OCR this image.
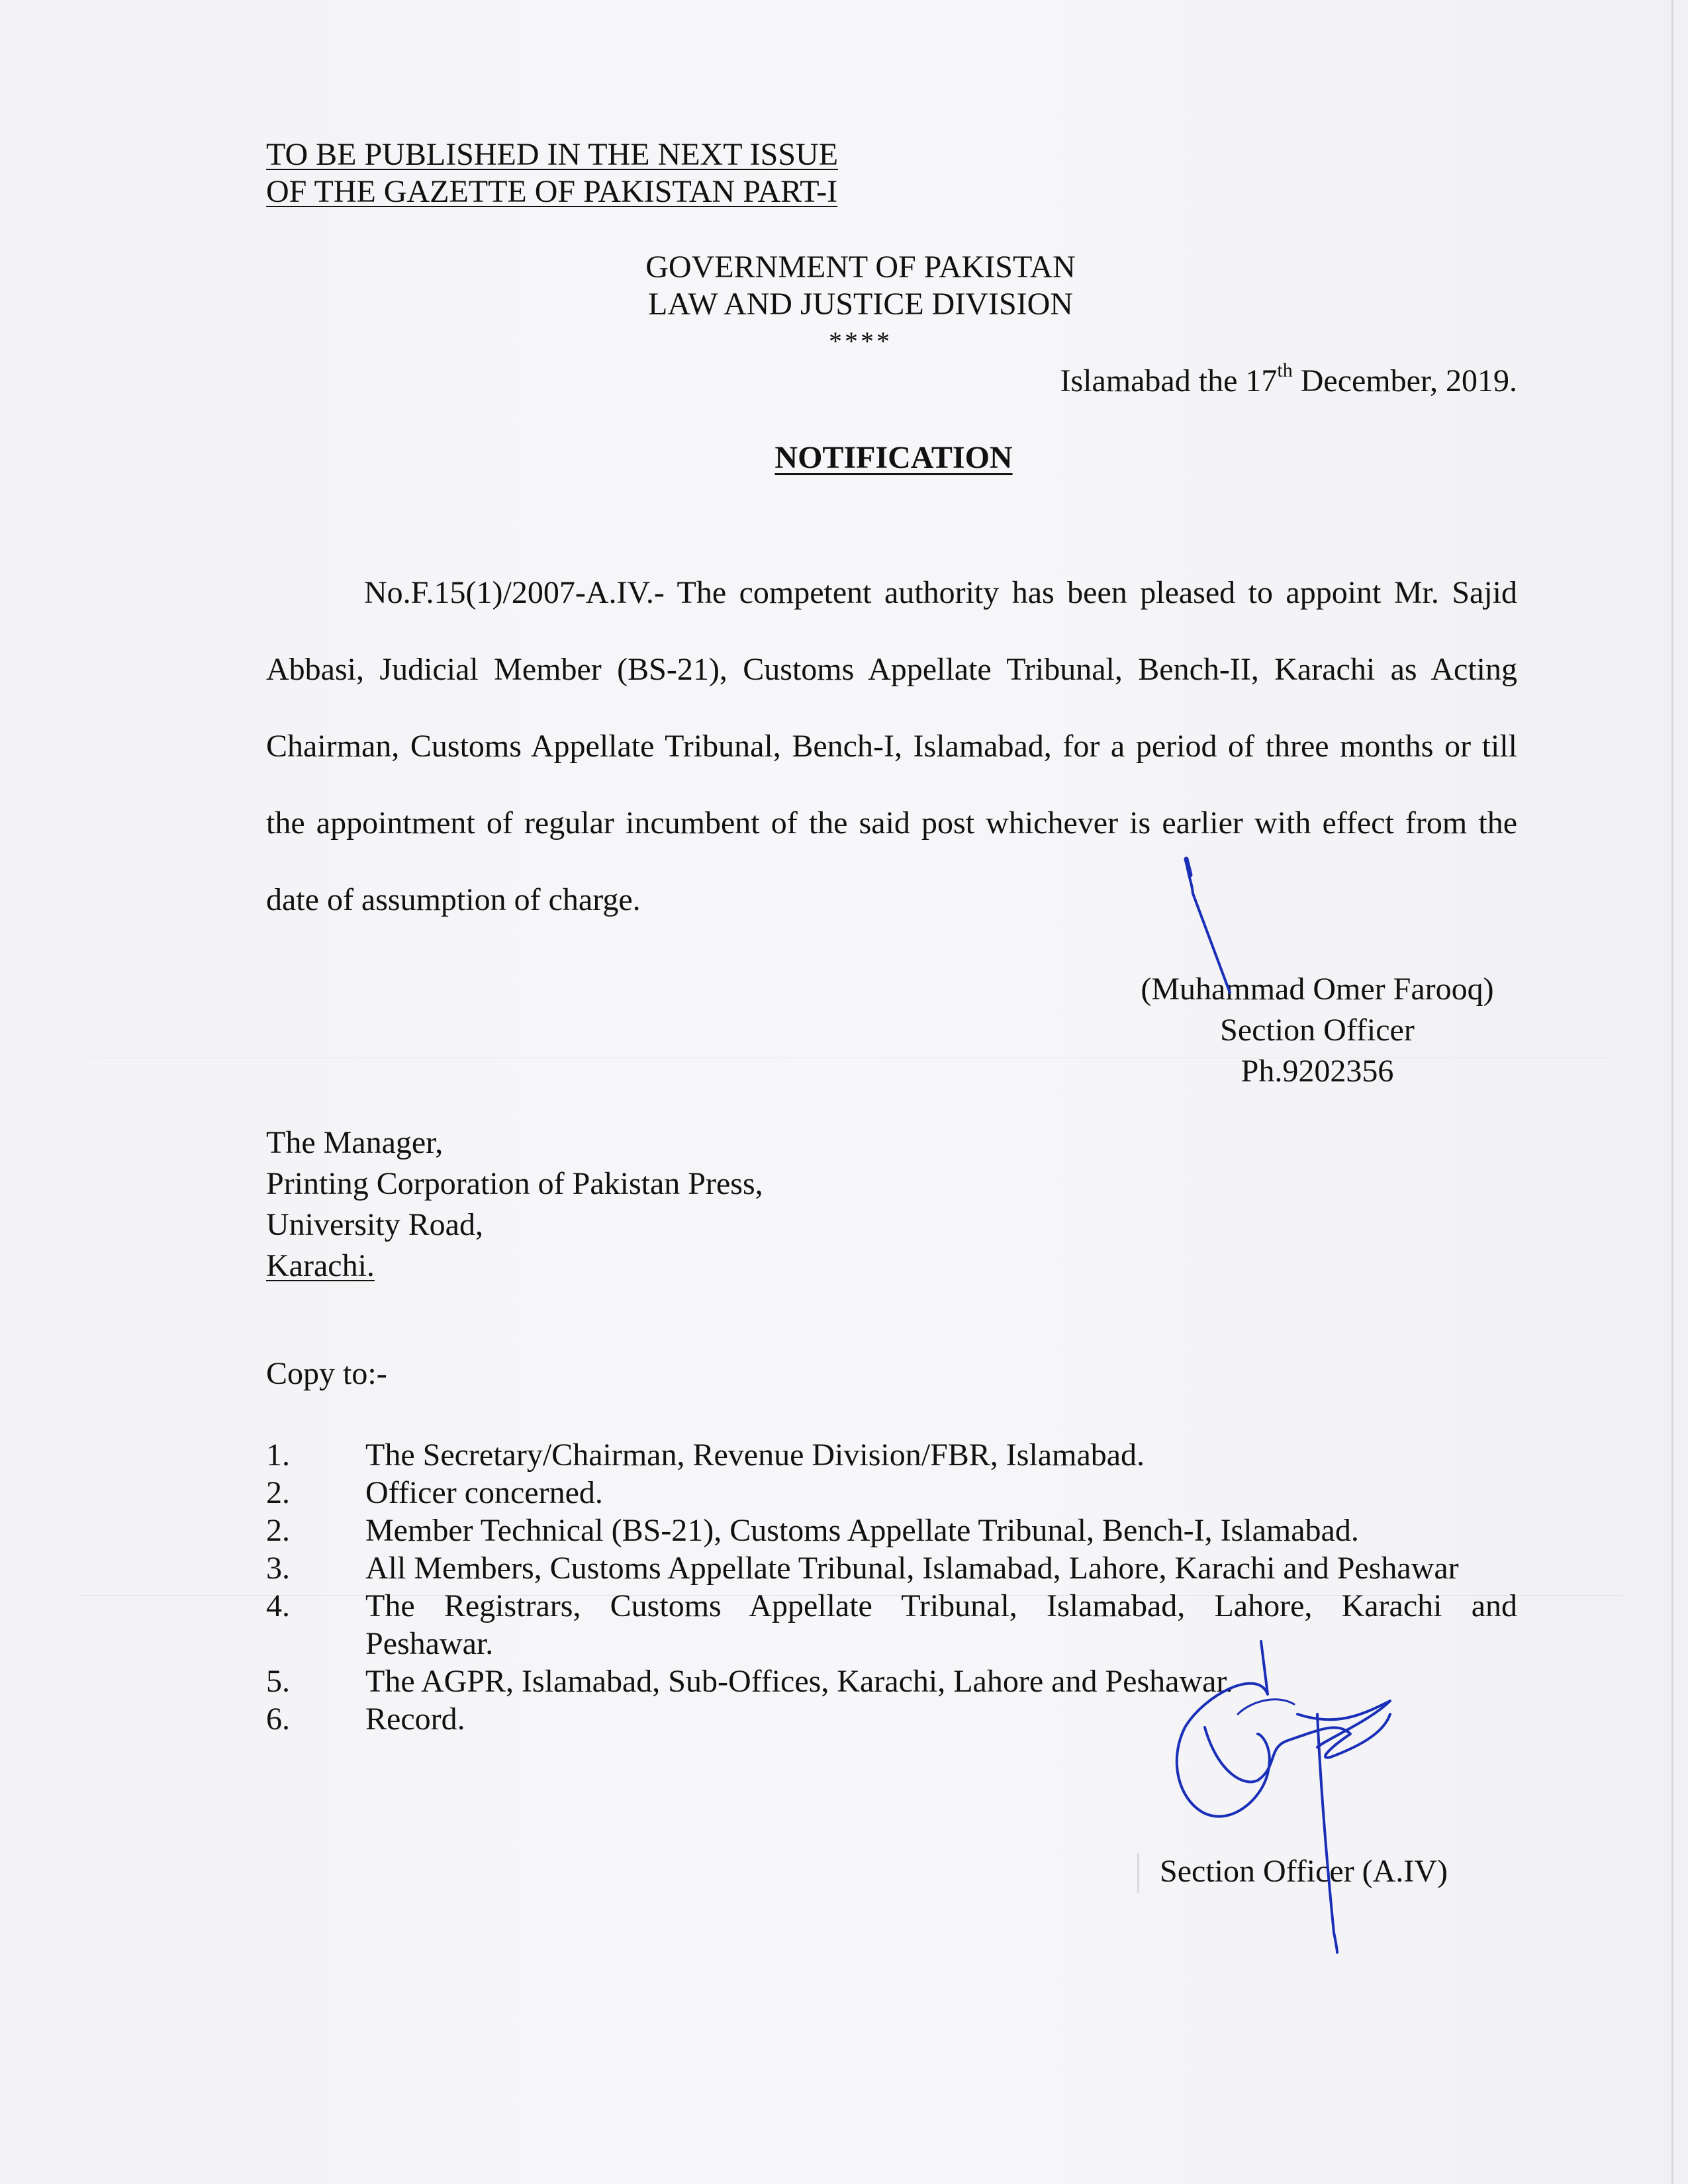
TO BE PUBLISHED IN THE NEXT ISSUE
OF THE GAZETTE OF PAKISTAN PART-I
GOVERNMENT OF PAKISTAN
LAW AND JUSTICE DIVISION
****
Islamabad the 17th December, 2019.
NOTIFICATION
No.F.15(1)/2007-A.IV.- The competent authority has been pleased to appoint Mr. Sajid Abbasi, Judicial Member (BS-21), Customs Appellate Tribunal, Bench-II, Karachi as Acting Chairman, Customs Appellate Tribunal, Bench-I, Islamabad, for a period of three months or till the appointment of regular incumbent of the said post whichever is earlier with effect from the date of assumption of charge.
(Muhammad Omer Farooq)
Section Officer
Ph.9202356
The Manager,
Printing Corporation of Pakistan Press,
University Road,
Karachi.
Copy to:-
1.	The Secretary/Chairman, Revenue Division/FBR, Islamabad.
2.	Officer concerned.
2.	Member Technical (BS-21), Customs Appellate Tribunal, Bench-I, Islamabad.
3.	All Members, Customs Appellate Tribunal, Islamabad, Lahore, Karachi and Peshawar
4.	The Registrars, Customs Appellate Tribunal, Islamabad, Lahore, Karachi and
Peshawar.
5.	The AGPR, Islamabad, Sub-Offices, Karachi, Lahore and Peshawar.
6.	Record.
Section Officer (A.IV)
